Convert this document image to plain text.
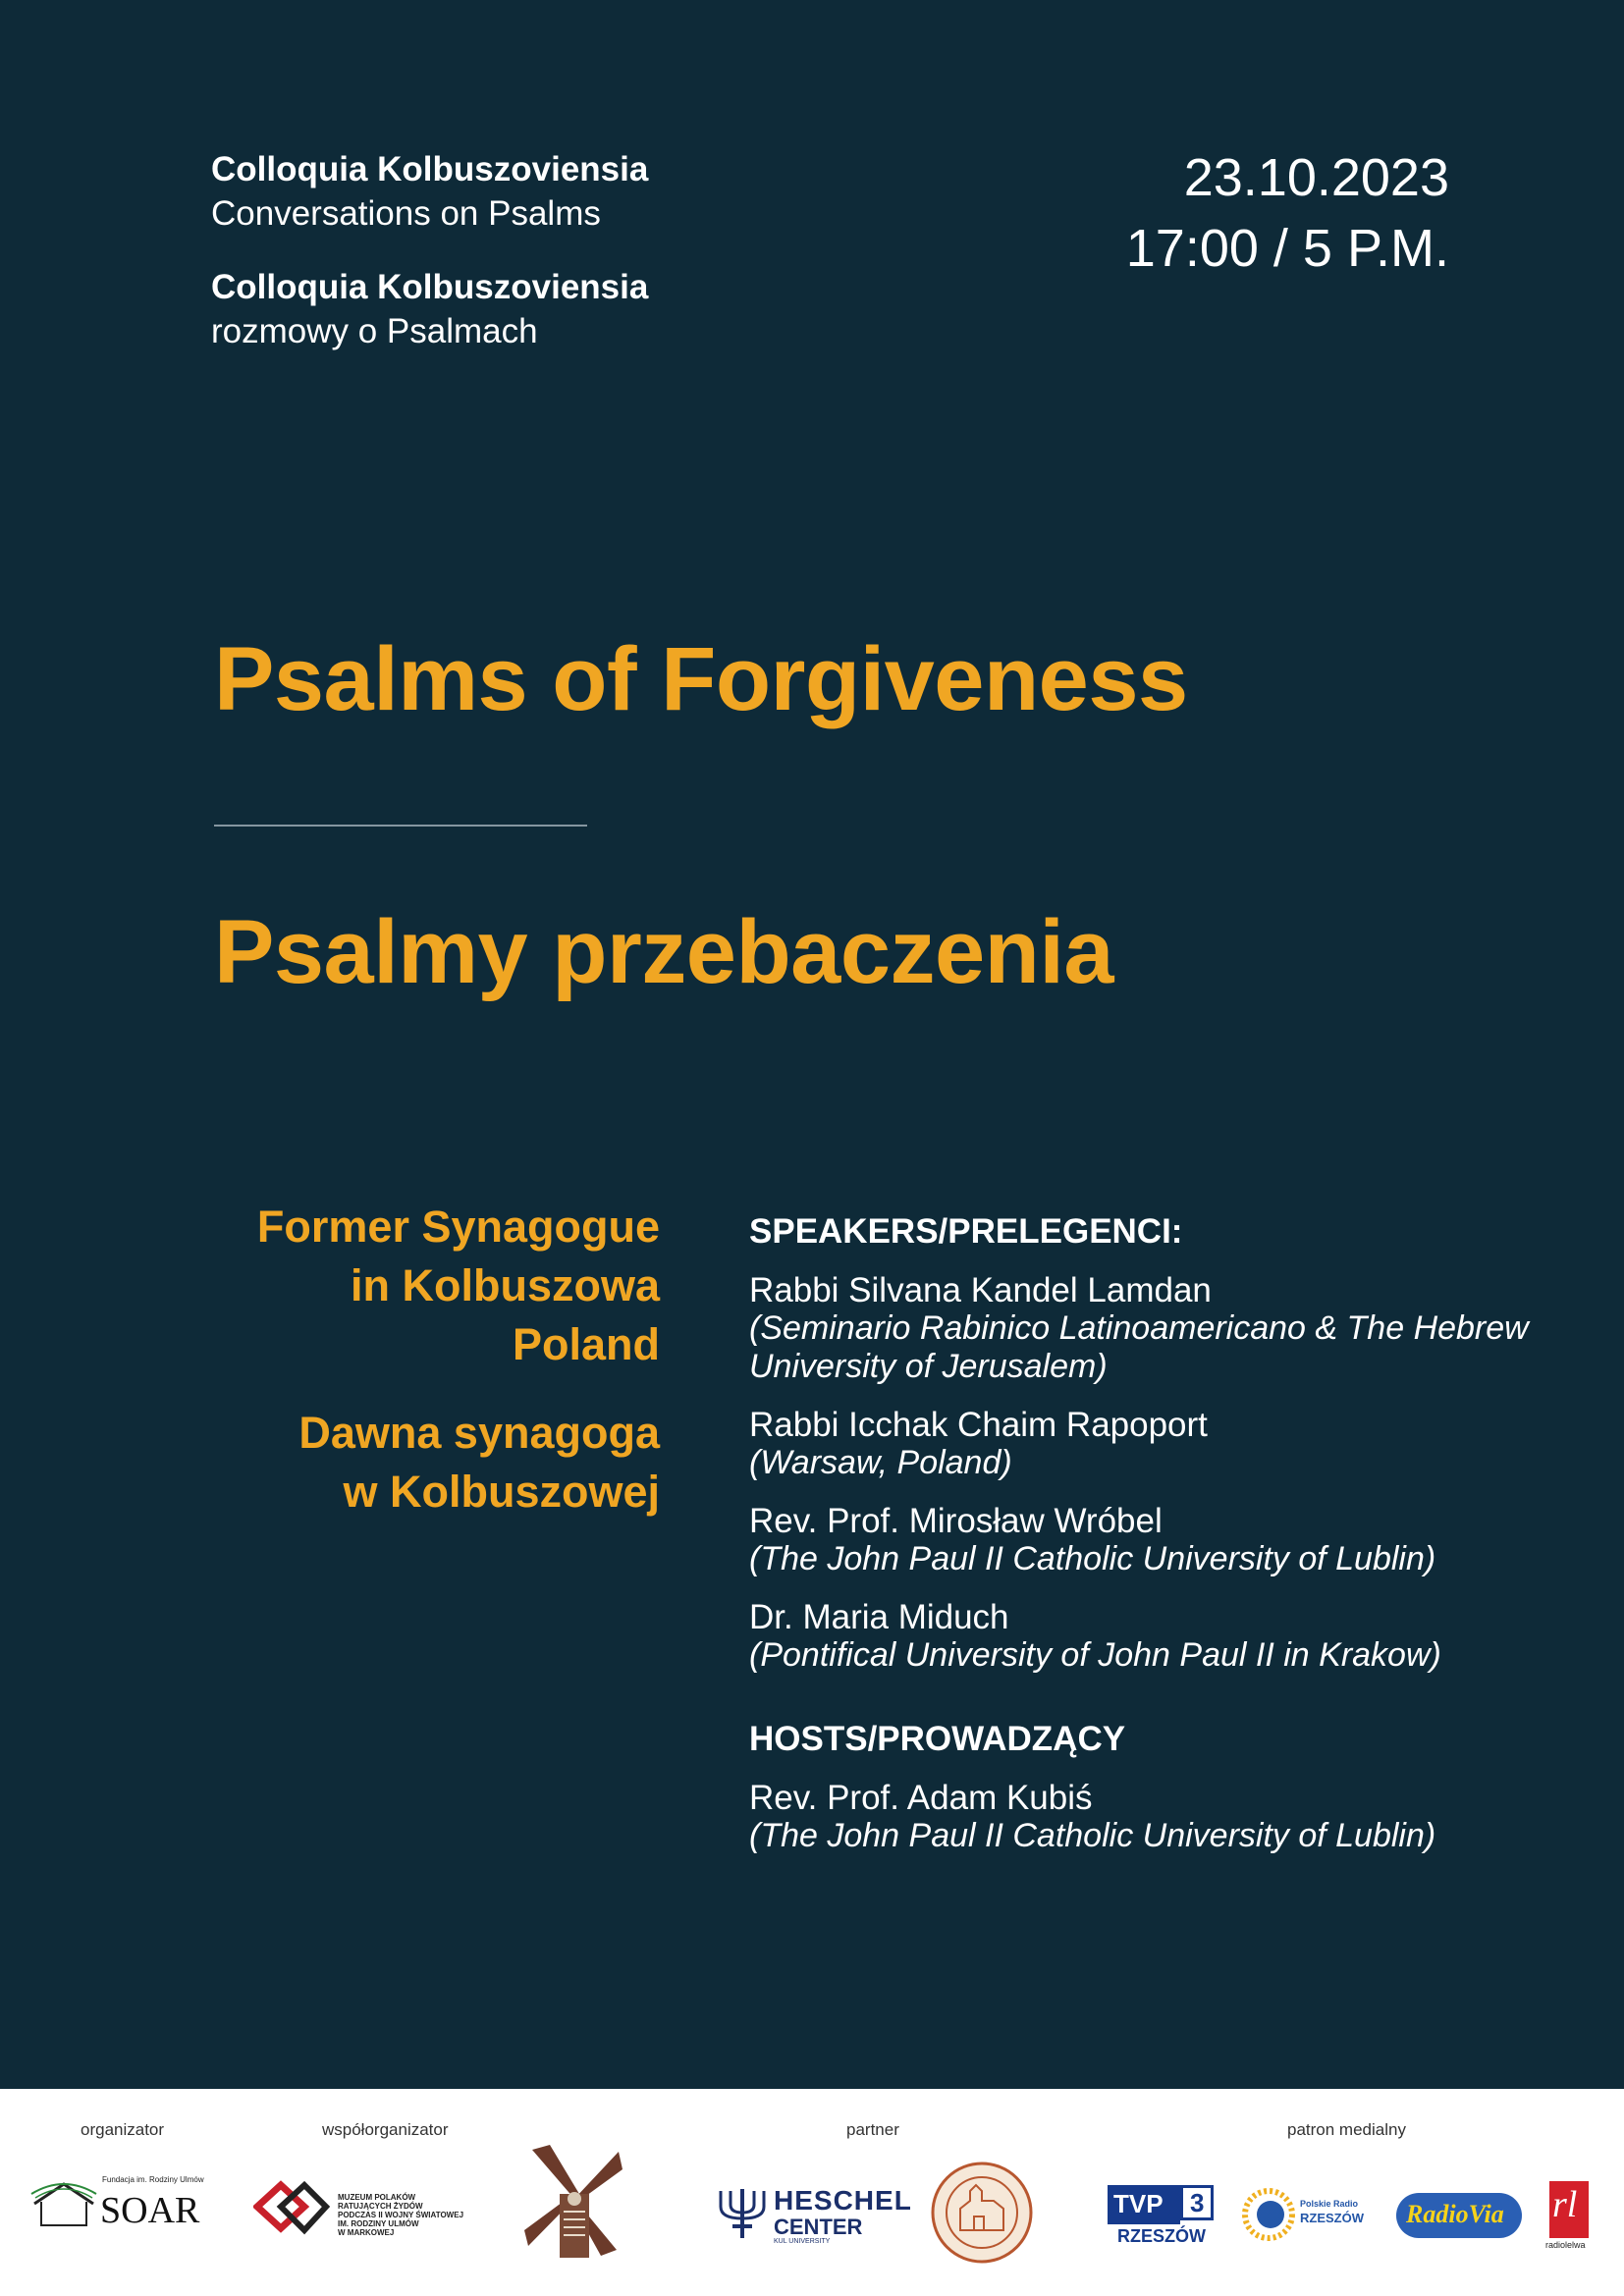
Colloquia Kolbuszoviensia
Conversations on Psalms
Colloquia Kolbuszoviensia
rozmowy o Psalmach
23.10.2023
17:00 / 5 P.M.
Psalms of Forgiveness
Psalmy przebaczenia
Former Synagogue
in Kolbuszowa
Poland
Dawna synagoga
w Kolbuszowej
SPEAKERS/PRELEGENCI:
Rabbi Silvana Kandel Lamdan
(Seminario Rabinico Latinoamericano & The Hebrew University of Jerusalem)
Rabbi Icchak Chaim Rapoport
(Warsaw, Poland)
Rev. Prof. Mirosław Wróbel
(The John Paul II Catholic University of Lublin)
Dr. Maria Miduch
(Pontifical University of John Paul II in Krakow)
HOSTS/PROWADZĄCY
Rev. Prof. Adam Kubiś
(The John Paul II Catholic University of Lublin)
organizator	współorganizator	partner	patron medialny
Fundacja im. Rodziny Ulmów
SOAR	MUZEUM POLAKÓW
RATUJĄCYCH ŻYDÓW
PODCZAS II WOJNY ŚWIATOWEJ
IM. RODZINY ULMÓW
W MARKOWEJ
HESCHEL
CENTER
KUL UNIVERSITY
TVP 3
RZESZÓW
Polskie Radio
RZESZÓW RadioVia rl
radiolelwa
